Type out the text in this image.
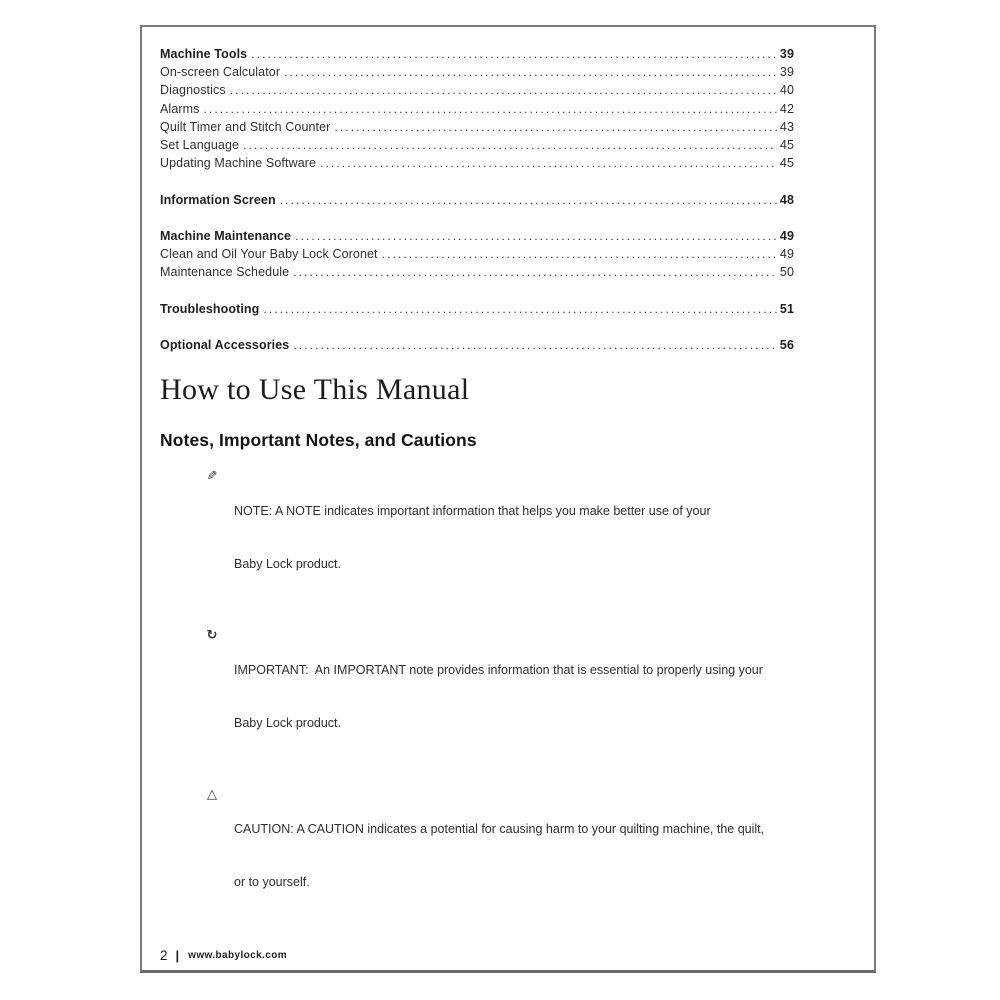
Machine Tools .....	39
On-screen Calculator .....	39
Diagnostics .....	40
Alarms .....	42
Quilt Timer and Stitch Counter .....	43
Set Language .....	45
Updating Machine Software .....	45
Information Screen .....	48
Machine Maintenance .....	49
Clean and Oil Your Baby Lock Coronet .....	49
Maintenance Schedule .....	50
Troubleshooting .....	51
Optional Accessories .....	56
How to Use This Manual
Notes, Important Notes, and Cautions
✎

NOTE: A NOTE indicates important information that helps you make better use of your

Baby Lock product.

↻

IMPORTANT:  An IMPORTANT note provides information that is essential to properly using your

Baby Lock product.

△

CAUTION: A CAUTION indicates a potential for causing harm to your quilting machine, the quilt,

or to yourself.

2 | www.babylock.com
